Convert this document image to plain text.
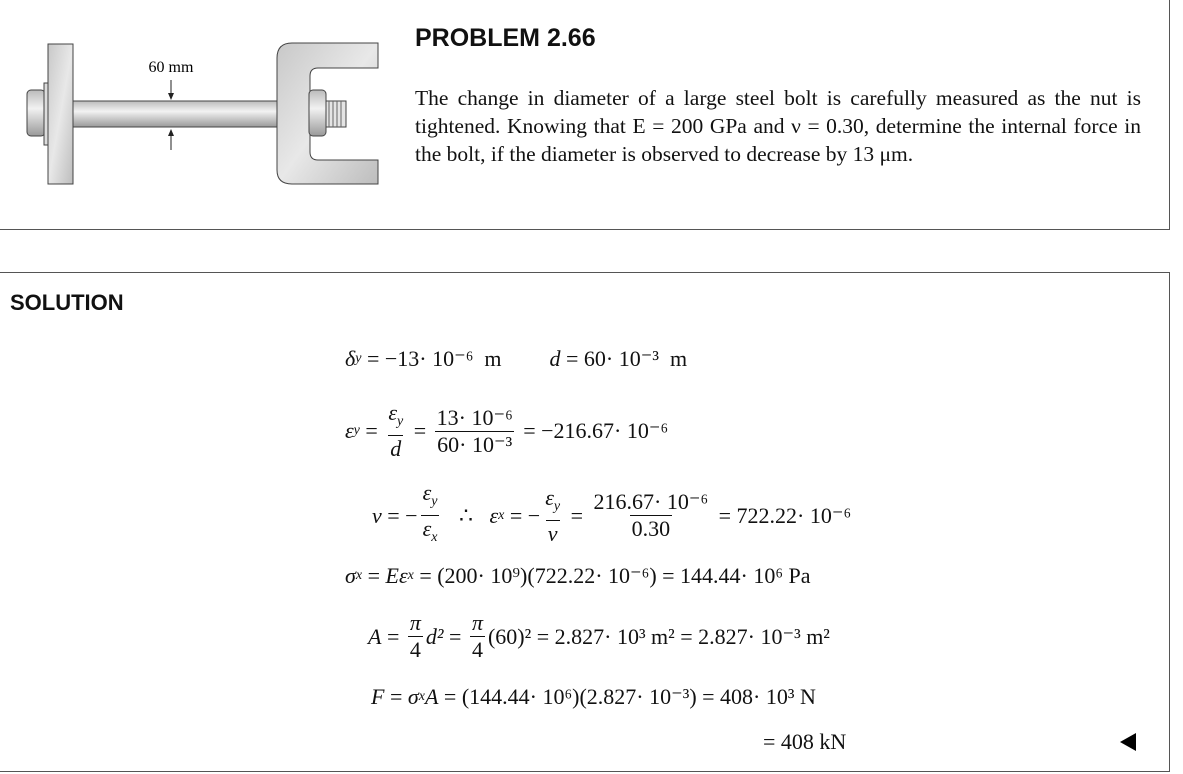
60 mm
PROBLEM 2.66
The change in diameter of a large steel bolt is carefully measured as the nut is tightened. Knowing that E = 200 GPa and ν = 0.30, determine the internal force in the bolt, if the diameter is observed to decrease by 13 μm.
SOLUTION
δ y = −13· 10⁻⁶  m d = 60· 10⁻³  m
ε $y = \frac{\varepsilon_y}{d} = \frac{\text{13· 10⁻⁶}}{\text{60· 10⁻³}} = -216.67\cdot 10^{-6}$
ν = − $\frac{\varepsilon_y}{\varepsilon_x}$
∴
ε x = − $\frac{\varepsilon_y}{\nu} = \frac{\text{216.67· 10⁻⁶}}{0.30} = 722.22\cdot 10^{-6}$
σ x = Eε x = (200· 10⁹)(722.22· 10⁻⁶) = 144.44· 10⁶ Pa
$A = \frac{\pi}{4} d^2 = \frac{\pi}{4} (60)^2 = 2.827\cdot 10^3$ m² = 2.827· 10⁻³ m²
F = σ x A = (144.44· 10⁶)(2.827· 10⁻³) = 408· 10³ N
= 408 kN
